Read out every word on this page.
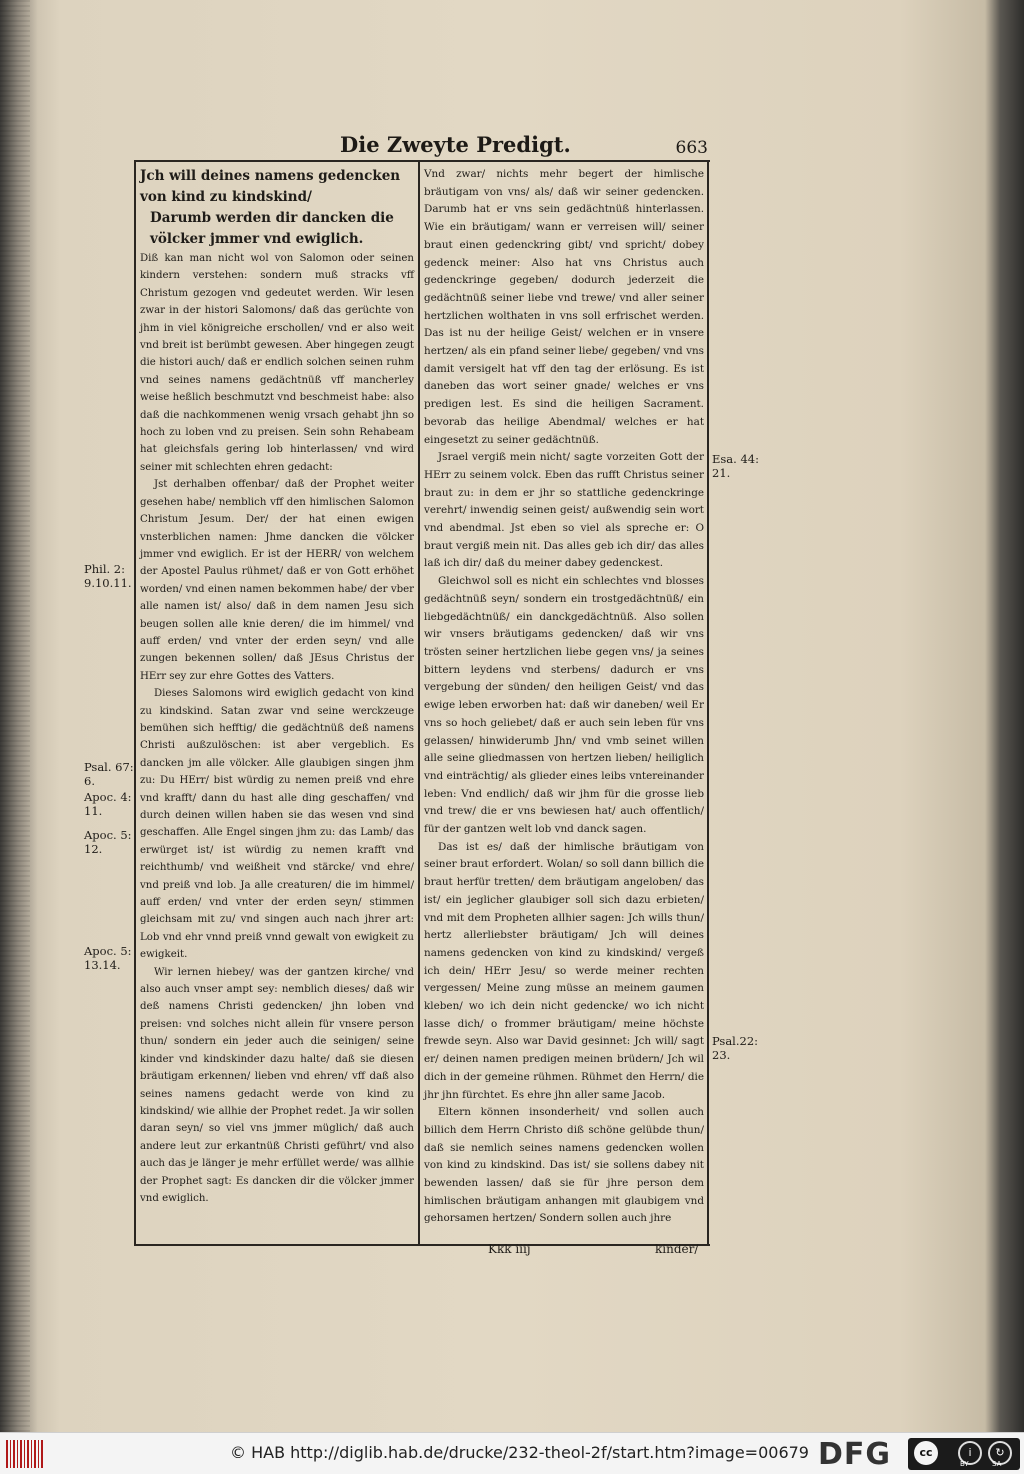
Die Zweyte Predigt.	663

Jch will deines namens gedencken von kind zu kindskind/

Darumb werden dir dancken die völcker jmmer vnd ewiglich.

Diß kan man nicht wol von Salomon oder seinen kindern verstehen: sondern muß stracks vff Christum gezogen vnd gedeutet werden. Wir lesen zwar in der histori Salomons/ daß das gerüchte von jhm in viel königreiche erschollen/ vnd er also weit vnd breit ist berümbt gewesen. Aber hingegen zeugt die histori auch/ daß er endlich solchen seinen ruhm vnd seines namens gedächtnüß vff mancherley weise heßlich beschmutzt vnd beschmeist habe: also daß die nachkommenen wenig vrsach gehabt jhn so hoch zu loben vnd zu preisen. Sein sohn Rehabeam hat gleichsfals gering lob hinterlassen/ vnd wird seiner mit schlechten ehren gedacht:

Jst derhalben offenbar/ daß der Prophet weiter gesehen habe/ nemblich vff den himlischen Salomon Christum Jesum. Der/ der hat einen ewigen vnsterblichen namen: Jhme dancken die völcker jmmer vnd ewiglich. Er ist der HERR/ von welchem der Apostel Paulus rühmet/ daß er von Gott erhöhet worden/ vnd einen namen bekommen habe/ der vber alle namen ist/ also/ daß in dem namen Jesu sich beugen sollen alle knie deren/ die im himmel/ vnd auff erden/ vnd vnter der erden seyn/ vnd alle zungen bekennen sollen/ daß JEsus Christus der HErr sey zur ehre Gottes des Vatters.

Dieses Salomons wird ewiglich gedacht von kind zu kindskind. Satan zwar vnd seine werckzeuge bemühen sich hefftig/ die gedächtnüß deß namens Christi außzulöschen: ist aber vergeblich. Es dancken jm alle völcker. Alle glaubigen singen jhm zu: Du HErr/ bist würdig zu nemen preiß vnd ehre vnd krafft/ dann du hast alle ding geschaffen/ vnd durch deinen willen haben sie das wesen vnd sind geschaffen. Alle Engel singen jhm zu: das Lamb/ das erwürget ist/ ist würdig zu nemen krafft vnd reichthumb/ vnd weißheit vnd stärcke/ vnd ehre/ vnd preiß vnd lob. Ja alle creaturen/ die im himmel/ auff erden/ vnd vnter der erden seyn/ stimmen gleichsam mit zu/ vnd singen auch nach jhrer art: Lob vnd ehr vnnd preiß vnnd gewalt von ewigkeit zu ewigkeit.

Wir lernen hiebey/ was der gantzen kirche/ vnd also auch vnser ampt sey: nemblich dieses/ daß wir deß namens Christi gedencken/ jhn loben vnd preisen: vnd solches nicht allein für vnsere person thun/ sondern ein jeder auch die seinigen/ seine kinder vnd kindskinder dazu halte/ daß sie diesen bräutigam erkennen/ lieben vnd ehren/ vff daß also seines namens gedacht werde von kind zu kindskind/ wie allhie der Prophet redet. Ja wir sollen daran seyn/ so viel vns jmmer müglich/ daß auch andere leut zur erkantnüß Christi geführt/ vnd also auch das je länger je mehr erfüllet werde/ was allhie der Prophet sagt: Es dancken dir die völcker jmmer vnd ewiglich.

Vnd zwar/ nichts mehr begert der himlische bräutigam von vns/ als/ daß wir seiner gedencken. Darumb hat er vns sein gedächtnüß hinterlassen. Wie ein bräutigam/ wann er verreisen will/ seiner braut einen gedenckring gibt/ vnd spricht/ dobey gedenck meiner: Also hat vns Christus auch gedenckringe gegeben/ dodurch jederzeit die gedächtnüß seiner liebe vnd trewe/ vnd aller seiner hertzlichen wolthaten in vns soll erfrischet werden. Das ist nu der heilige Geist/ welchen er in vnsere hertzen/ als ein pfand seiner liebe/ gegeben/ vnd vns damit versigelt hat vff den tag der erlösung. Es ist daneben das wort seiner gnade/ welches er vns predigen lest. Es sind die heiligen Sacrament. bevorab das heilige Abendmal/ welches er hat eingesetzt zu seiner gedächtnüß.

Jsrael vergiß mein nicht/ sagte vorzeiten Gott der HErr zu seinem volck. Eben das rufft Christus seiner braut zu: in dem er jhr so stattliche gedenckringe verehrt/ inwendig seinen geist/ außwendig sein wort vnd abendmal. Jst eben so viel als spreche er: O braut vergiß mein nit. Das alles geb ich dir/ das alles laß ich dir/ daß du meiner dabey gedenckest.

Gleichwol soll es nicht ein schlechtes vnd blosses gedächtnüß seyn/ sondern ein trostgedächtnüß/ ein liebgedächtnüß/ ein danckgedächtnüß. Also sollen wir vnsers bräutigams gedencken/ daß wir vns trösten seiner hertzlichen liebe gegen vns/ ja seines bittern leydens vnd sterbens/ dadurch er vns vergebung der sünden/ den heiligen Geist/ vnd das ewige leben erworben hat: daß wir daneben/ weil Er vns so hoch geliebet/ daß er auch sein leben für vns gelassen/ hinwiderumb Jhn/ vnd vmb seinet willen alle seine gliedmassen von hertzen lieben/ heiliglich vnd einträchtig/ als glieder eines leibs vntereinander leben: Vnd endlich/ daß wir jhm für die grosse lieb vnd trew/ die er vns bewiesen hat/ auch offentlich/ für der gantzen welt lob vnd danck sagen.

Das ist es/ daß der himlische bräutigam von seiner braut erfordert. Wolan/ so soll dann billich die braut herfür tretten/ dem bräutigam angeloben/ das ist/ ein jeglicher glaubiger soll sich dazu erbieten/ vnd mit dem Propheten allhier sagen: Jch wills thun/ hertz allerliebster bräutigam/ Jch will deines namens gedencken von kind zu kindskind/ vergeß ich dein/ HErr Jesu/ so werde meiner rechten vergessen/ Meine zung müsse an meinem gaumen kleben/ wo ich dein nicht gedencke/ wo ich nicht lasse dich/ o frommer bräutigam/ meine höchste frewde seyn. Also war David gesinnet: Jch will/ sagt er/ deinen namen predigen meinen brüdern/ Jch wil dich in der gemeine rühmen. Rühmet den Herrn/ die jhr jhn fürchtet. Es ehre jhn aller same Jacob.

Eltern können insonderheit/ vnd sollen auch billich dem Herrn Christo diß schöne gelübde thun/ daß sie nemlich seines namens gedencken wollen von kind zu kindskind. Das ist/ sie sollens dabey nit bewenden lassen/ daß sie für jhre person dem himlischen bräutigam anhangen mit glaubigem vnd gehorsamen hertzen/ Sondern sollen auch jhre

Phil. 2:
9.10.11.
Psal. 67:
6.
Apoc. 4:
11.
Apoc. 5:
12.
Apoc. 5:
13.14.
Esa. 44:
21.
Psal.22:
23.
Kkk iiij	kinder/
© HAB http://diglib.hab.de/drucke/232-theol-2f/start.htm?image=00679 DFG	cc	i	↻
BY	SA
